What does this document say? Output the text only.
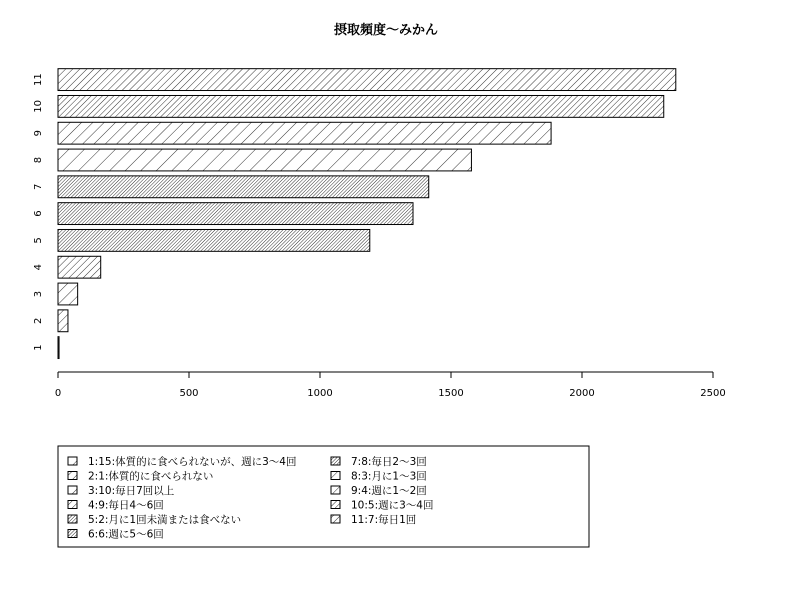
摂取頻度〜みかん
1
2
3
4
5
6
7
8
9
10
11
0	500	1000	1500	2000	2500
1:15:体質的に食べられないが、週に3〜4回
2:1:体質的に食べられない
3:10:毎日7回以上
4:9:毎日4〜6回
5:2:月に1回未満または食べない
6:6:週に5〜6回
7:8:毎日2〜3回
8:3:月に1〜3回
9:4:週に1〜2回
10:5:週に3〜4回
11:7:毎日1回
